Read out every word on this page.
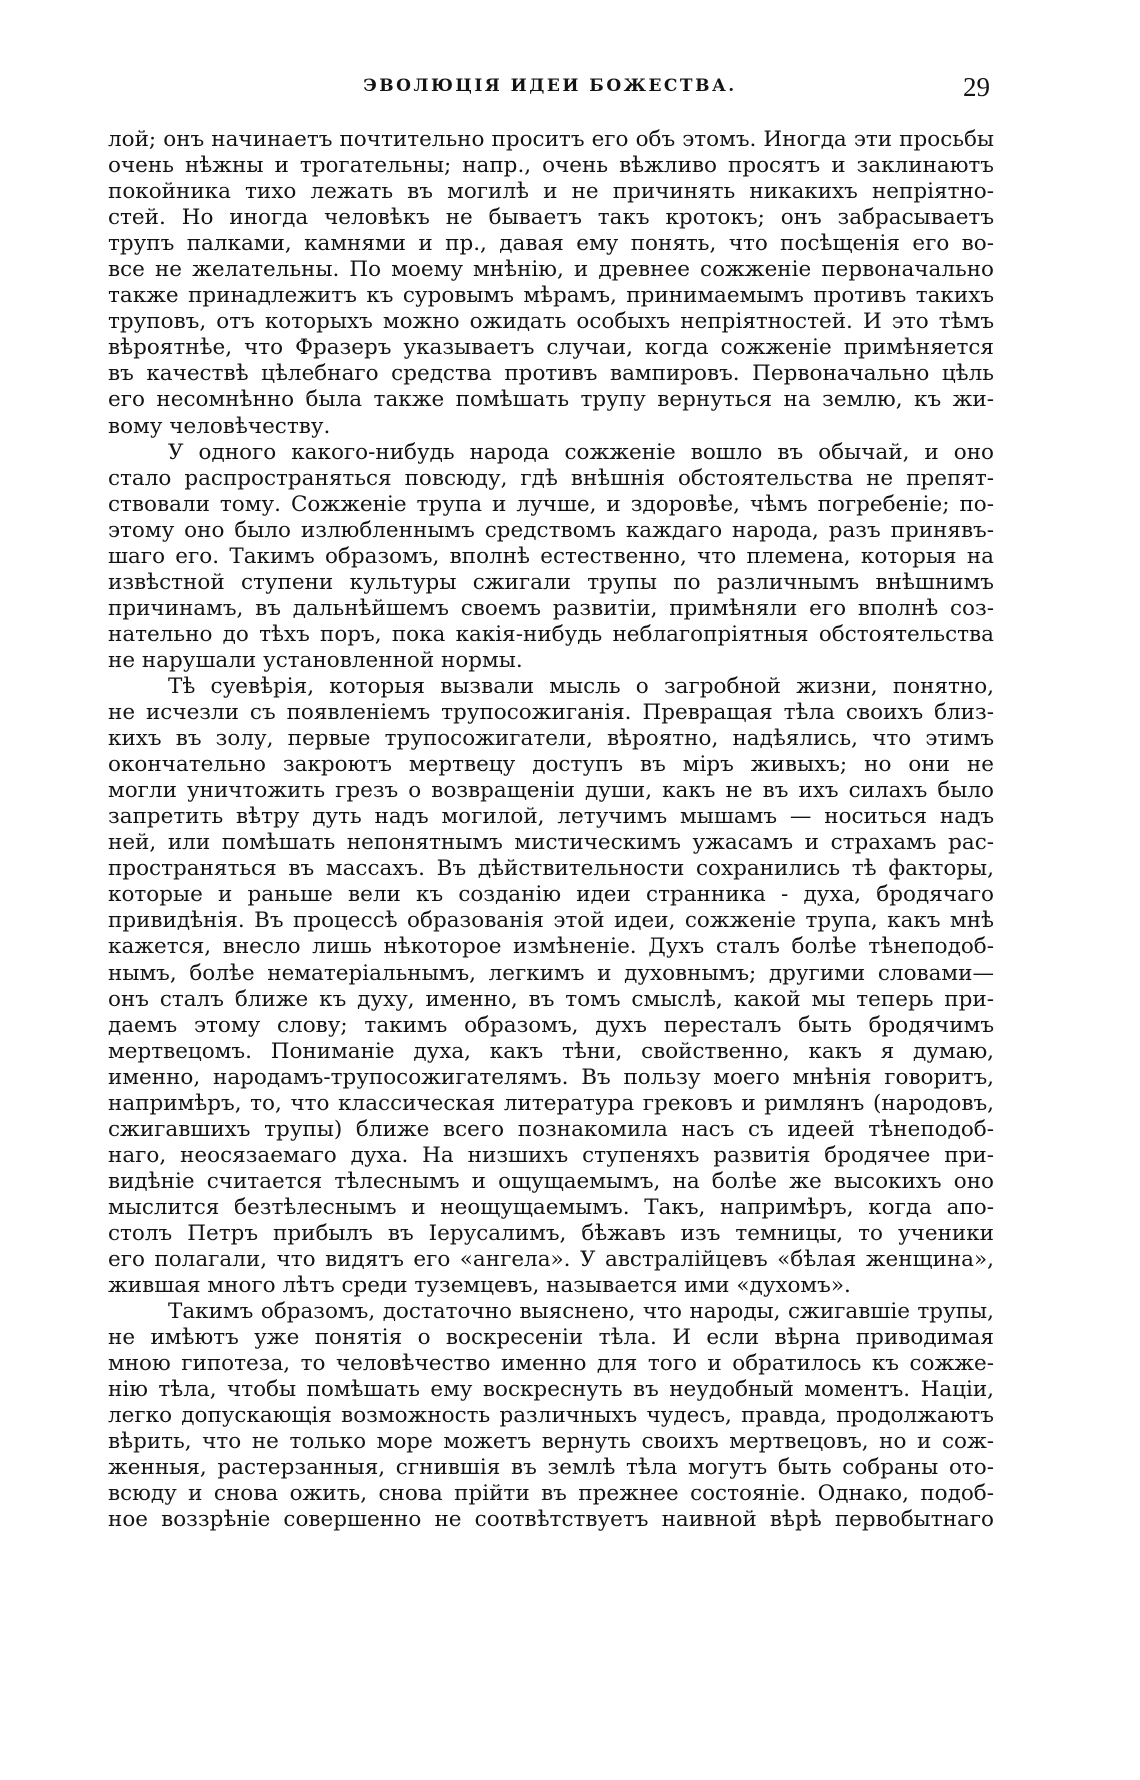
ЭВОЛЮЦІЯ ИДЕИ БОЖЕСТВА.	29
лой; онъ начинаетъ почтительно проситъ его объ этомъ. Иногда эти просьбы
очень нѣжны и трогательны; напр., очень вѣжливо просятъ и заклинаютъ
покойника тихо лежать въ могилѣ и не причинять никакихъ непріятно-
стей. Но иногда человѣкъ не бываетъ такъ кротокъ; онъ забрасываетъ
трупъ палками, камнями и пр., давая ему понять, что посѣщенія его во-
все не желательны. По моему мнѣнію, и древнее сожженіе первоначально
также принадлежитъ къ суровымъ мѣрамъ, принимаемымъ противъ такихъ
труповъ, отъ которыхъ можно ожидать особыхъ непріятностей. И это тѣмъ
вѣроятнѣе, что Фразеръ указываетъ случаи, когда сожженіе примѣняется
въ качествѣ цѣлебнаго средства противъ вампировъ. Первоначально цѣль
его несомнѣнно была также помѣшать трупу вернуться на землю, къ жи-
вому человѣчеству.
У одного какого-нибудь народа сожженіе вошло въ обычай, и оно
стало распространяться повсюду, гдѣ внѣшнія обстоятельства не препят-
ствовали тому. Сожженіе трупа и лучше, и здоровѣе, чѣмъ погребеніе; по-
этому оно было излюбленнымъ средствомъ каждаго народа, разъ принявъ-
шаго его. Такимъ образомъ, вполнѣ естественно, что племена, которыя на
извѣстной ступени культуры сжигали трупы по различнымъ внѣшнимъ
причинамъ, въ дальнѣйшемъ своемъ развитіи, примѣняли его вполнѣ соз-
нательно до тѣхъ поръ, пока какія-нибудь неблагопріятныя обстоятельства
не нарушали установленной нормы.
Тѣ суевѣрія, которыя вызвали мысль о загробной жизни, понятно,
не исчезли съ появленіемъ трупосожиганія. Превращая тѣла своихъ близ-
кихъ въ золу, первые трупосожигатели, вѣроятно, надѣялись, что этимъ
окончательно закроютъ мертвецу доступъ въ міръ живыхъ; но они не
могли уничтожить грезъ о возвращеніи души, какъ не въ ихъ силахъ было
запретить вѣтру дуть надъ могилой, летучимъ мышамъ — носиться надъ
ней, или помѣшать непонятнымъ мистическимъ ужасамъ и страхамъ рас-
пространяться въ массахъ. Въ дѣйствительности сохранились тѣ факторы,
которые и раньше вели къ созданію идеи странника - духа, бродячаго
привидѣнія. Въ процессѣ образованія этой идеи, сожженіе трупа, какъ мнѣ
кажется, внесло лишь нѣкоторое измѣненіе. Духъ сталъ болѣе тѣнеподоб-
нымъ, болѣе нематеріальнымъ, легкимъ и духовнымъ; другими словами—
онъ сталъ ближе къ духу, именно, въ томъ смыслѣ, какой мы теперь при-
даемъ этому слову; такимъ образомъ, духъ пересталъ быть бродячимъ
мертвецомъ. Пониманіе духа, какъ тѣни, свойственно, какъ я думаю,
именно, народамъ-трупосожигателямъ. Въ пользу моего мнѣнія говоритъ,
напримѣръ, то, что классическая литература грековъ и римлянъ (народовъ,
сжигавшихъ трупы) ближе всего познакомила насъ съ идеей тѣнеподоб-
наго, неосязаемаго духа. На низшихъ ступеняхъ развитія бродячее при-
видѣніе считается тѣлеснымъ и ощущаемымъ, на болѣе же высокихъ оно
мыслится безтѣлеснымъ и неощущаемымъ. Такъ, напримѣръ, когда апо-
столъ Петръ прибылъ въ Іерусалимъ, бѣжавъ изъ темницы, то ученики
его полагали, что видятъ его «ангела». У австралійцевъ «бѣлая женщина»,
жившая много лѣтъ среди туземцевъ, называется ими «духомъ».
Такимъ образомъ, достаточно выяснено, что народы, сжигавшіе трупы,
не имѣютъ уже понятія о воскресеніи тѣла. И если вѣрна приводимая
мною гипотеза, то человѣчество именно для того и обратилось къ сожже-
нію тѣла, чтобы помѣшать ему воскреснуть въ неудобный моментъ. Націи,
легко допускающія возможность различныхъ чудесъ, правда, продолжаютъ
вѣрить, что не только море можетъ вернуть своихъ мертвецовъ, но и сож-
женныя, растерзанныя, сгнившія въ землѣ тѣла могутъ быть собраны ото-
всюду и снова ожить, снова прійти въ прежнее состояніе. Однако, подоб-
ное воззрѣніе совершенно не соотвѣтствуетъ наивной вѣрѣ первобытнаго
